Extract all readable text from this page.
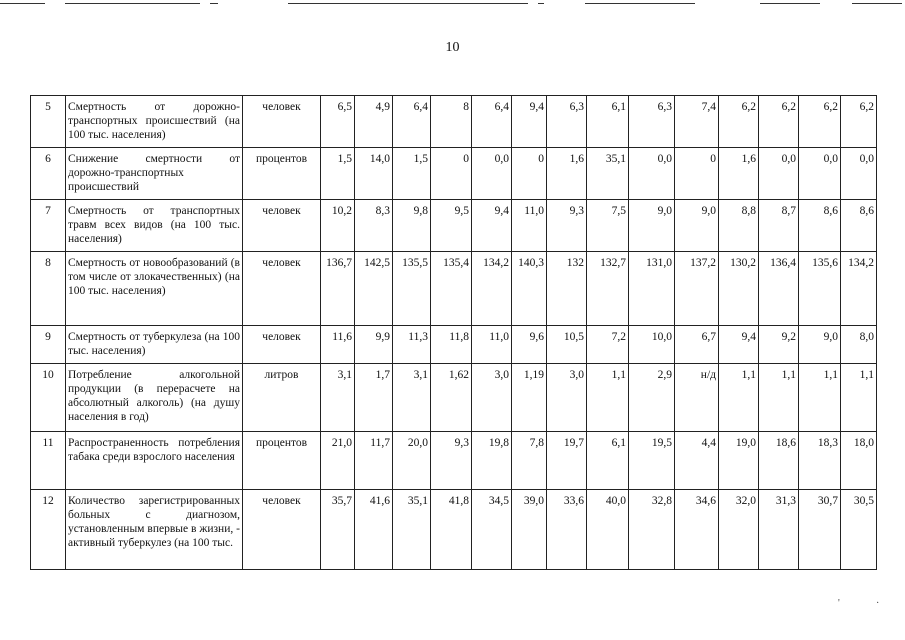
10
5	Смертность от дорожно-транспортных происшествий (на 100 тыс. населения)	человек	6,5	4,9	6,4	8	6,4	9,4	6,3	6,1	6,3	7,4	6,2	6,2	6,2	6,2
6	Снижение смертности от дорожно-транспортных происшествий	процентов	1,5	14,0	1,5	0	0,0	0	1,6	35,1	0,0	0	1,6	0,0	0,0	0,0
7	Смертность от транспортных травм всех видов (на 100 тыс. населения)	человек	10,2	8,3	9,8	9,5	9,4	11,0	9,3	7,5	9,0	9,0	8,8	8,7	8,6	8,6
8	Смертность от новообразований (в том числе от злокачественных) (на 100 тыс. населения)	человек	136,7	142,5	135,5	135,4	134,2	140,3	132	132,7	131,0	137,2	130,2	136,4	135,6	134,2
9	Смертность от туберкулеза (на 100 тыс. населения)	человек	11,6	9,9	11,3	11,8	11,0	9,6	10,5	7,2	10,0	6,7	9,4	9,2	9,0	8,0
10	Потребление алкогольной продукции (в перерасчете на абсолютный алкоголь) (на душу населения в год)	литров	3,1	1,7	3,1	1,62	3,0	1,19	3,0	1,1	2,9	н/д	1,1	1,1	1,1	1,1
11	Распространенность потребления табака среди взрослого населения	процентов	21,0	11,7	20,0	9,3	19,8	7,8	19,7	6,1	19,5	4,4	19,0	18,6	18,3	18,0
12	Количество зарегистрированных больных с диагнозом, установленным впервые в жизни, - активный туберкулез (на 100 тыс.	человек	35,7	41,6	35,1	41,8	34,5	39,0	33,6	40,0	32,8	34,6	32,0	31,3	30,7	30,5
'	·
